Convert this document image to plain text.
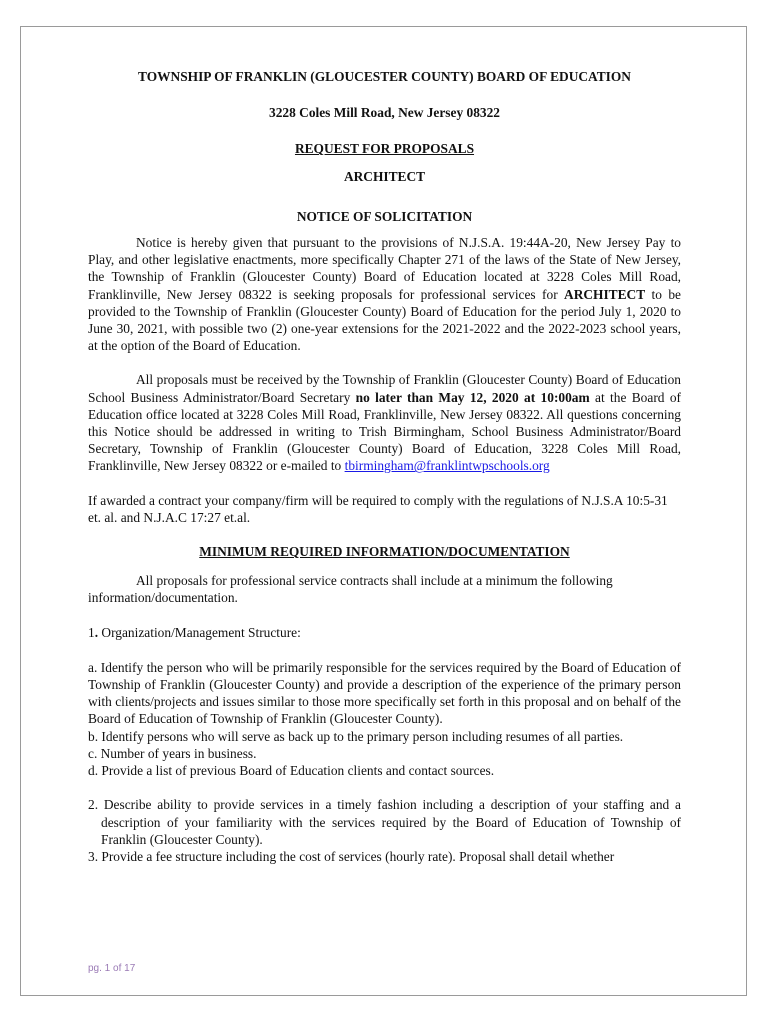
TOWNSHIP OF FRANKLIN (GLOUCESTER COUNTY) BOARD OF EDUCATION
3228 Coles Mill Road, New Jersey 08322
REQUEST FOR PROPOSALS
ARCHITECT
NOTICE OF SOLICITATION

Notice is hereby given that pursuant to the provisions of N.J.S.A. 19:44A-20, New Jersey Pay to Play, and other legislative enactments, more specifically Chapter 271 of the laws of the State of New Jersey, the Township of Franklin (Gloucester County) Board of Education located at 3228 Coles Mill Road, Franklinville, New Jersey 08322 is seeking proposals for professional services for ARCHITECT to be provided to the Township of Franklin (Gloucester County) Board of Education for the period July 1, 2020 to June 30, 2021, with possible two (2) one-year extensions for the 2021-2022 and the 2022-2023 school years, at the option of the Board of Education.

All proposals must be received by the Township of Franklin (Gloucester County) Board of Education School Business Administrator/Board Secretary no later than May 12, 2020 at 10:00am at the Board of Education office located at 3228 Coles Mill Road, Franklinville, New Jersey 08322. All questions concerning this Notice should be addressed in writing to Trish Birmingham, School Business Administrator/Board Secretary, Township of Franklin (Gloucester County) Board of Education, 3228 Coles Mill Road, Franklinville, New Jersey 08322 or e-mailed to tbirmingham@franklintwpschools.org

If awarded a contract your company/firm will be required to comply with the regulations of N.J.S.A 10:5-31 et. al. and N.J.A.C 17:27 et.al.

MINIMUM REQUIRED INFORMATION/DOCUMENTATION

All proposals for professional service contracts shall include at a minimum the following information/documentation.

1. Organization/Management Structure:

a. Identify the person who will be primarily responsible for the services required by the Board of Education of Township of Franklin (Gloucester County) and provide a description of the experience of the primary person with clients/projects and issues similar to those more specifically set forth in this proposal and on behalf of the Board of Education of Township of Franklin (Gloucester County).

b. Identify persons who will serve as back up to the primary person including resumes of all parties.

c. Number of years in business.

d. Provide a list of previous Board of Education clients and contact sources.

2. Describe ability to provide services in a timely fashion including a description of your staffing and a description of your familiarity with the services required by the Board of Education of Township of Franklin (Gloucester County).

3. Provide a fee structure including the cost of services (hourly rate). Proposal shall detail whether

pg. 1 of 17
